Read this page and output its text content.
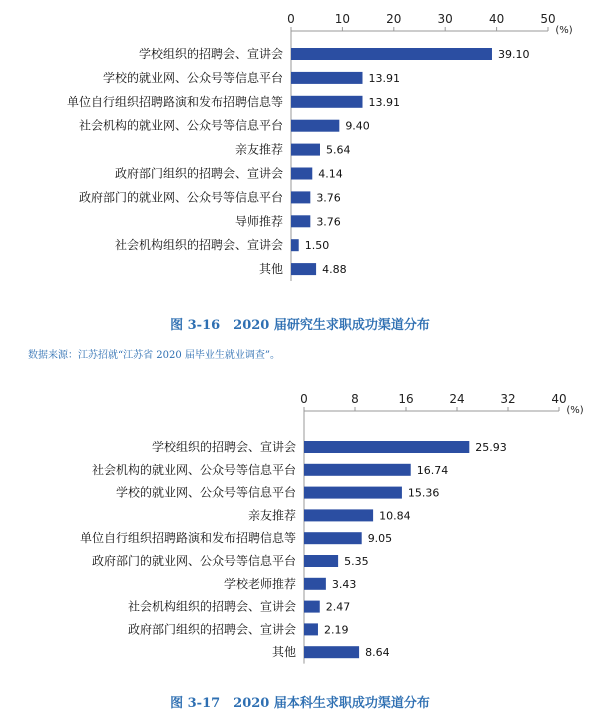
0	10	20	30	40	50
(%)
学校组织的招聘会、宣讲会	39.10
学校的就业网、公众号等信息平台	13.91
单位自行组织招聘路演和发布招聘信息等	13.91
社会机构的就业网、公众号等信息平台	9.40
亲友推荐	5.64
政府部门组织的招聘会、宣讲会	4.14
政府部门的就业网、公众号等信息平台	3.76
导师推荐	3.76
社会机构组织的招聘会、宣讲会 1.50
其他	4.88
图 3-16　2020 届研究生求职成功渠道分布
数据来源：江苏招就“江苏省 2020 届毕业生就业调查”。
0	8	16	24	32	40
(%)
学校组织的招聘会、宣讲会	25.93
社会机构的就业网、公众号等信息平台	16.74
学校的就业网、公众号等信息平台	15.36
亲友推荐	10.84
单位自行组织招聘路演和发布招聘信息等	9.05
政府部门的就业网、公众号等信息平台	5.35
学校老师推荐	3.43
社会机构组织的招聘会、宣讲会	2.47
政府部门组织的招聘会、宣讲会	2.19
其他	8.64
图 3-17　2020 届本科生求职成功渠道分布
